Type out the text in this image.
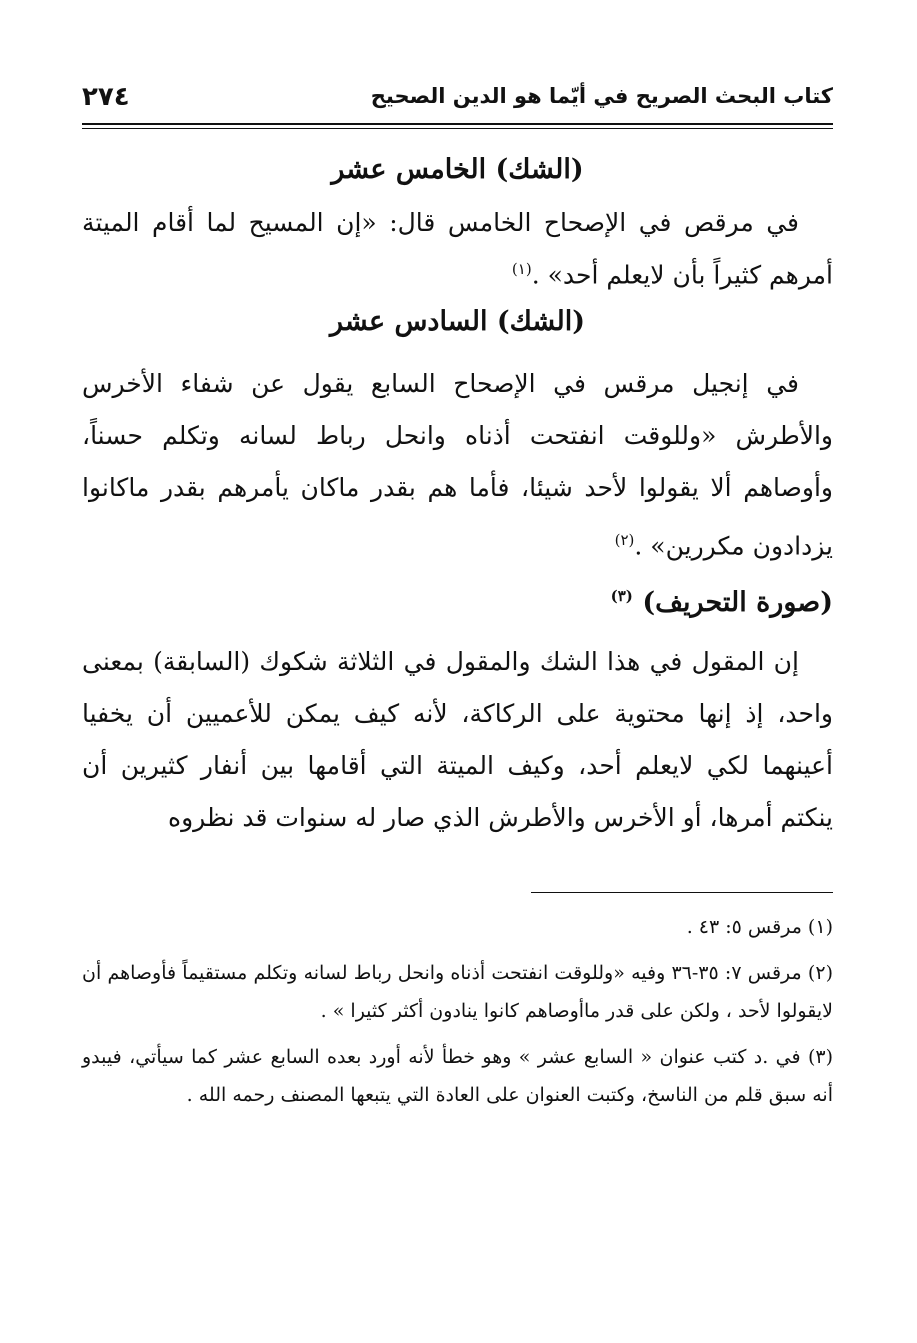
كتاب البحث الصريح في أيّما هو الدين الصحيح
٢٧٤
(الشك) الخامس عشر

في مرقص في الإصحاح الخامس قال: «إن المسيح لما أقام الميتة أمرهم كثيراً بأن لايعلم أحد» .$^{(١)}$

(الشك) السادس عشر

في إنجيل مرقس في الإصحاح السابع يقول عن شفاء الأخرس والأطرش «وللوقت انفتحت أذناه وانحل رباط لسانه وتكلم حسناً، وأوصاهم ألا يقولوا لأحد شيئا، فأما هم بقدر ماكان يأمرهم بقدر ماكانوا يزدادون مكررين» .$^{(٢)}$

(صورة التحريف) $^{(٣)}$

إن المقول في هذا الشك والمقول في الثلاثة شكوك (السابقة) بمعنى واحد، إذ إنها محتوية على الركاكة، لأنه كيف يمكن للأعميين أن يخفيا أعينهما لكي لايعلم أحد، وكيف الميتة التي أقامها بين أنفار كثيرين أن ينكتم أمرها، أو الأخرس والأطرش الذي صار له سنوات قد نظروه

(١) مرقس ٥: ٤٣ .

(٢) مرقس ٧: ٣٥-٣٦ وفيه «وللوقت انفتحت أذناه وانحل رباط لسانه وتكلم مستقيماً فأوصاهم أن لايقولوا لأحد ، ولكن على قدر ماأوصاهم كانوا ينادون أكثر كثيرا » .

(٣) في .د كتب عنوان « السابع عشر » وهو خطأ لأنه أورد بعده السابع عشر كما سيأتي، فيبدو أنه سبق قلم من الناسخ، وكتبت العنوان على العادة التي يتبعها المصنف رحمه الله .
